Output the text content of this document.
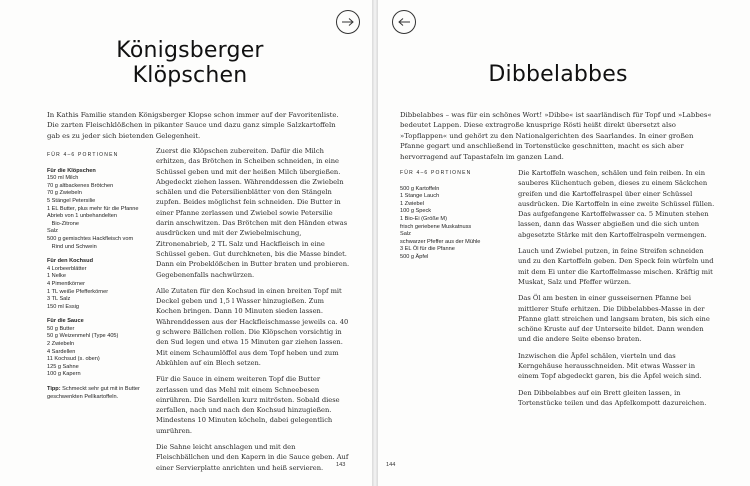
Königsberger
Klöpschen
In Kathis Familie standen Königsberger Klopse schon immer auf der Favoritenliste. Die zarten Fleischklößchen in pikanter Sauce und dazu ganz simple Salzkartoffeln gab es zu jeder sich bietenden Gelegenheit.
FÜR 4–6 PORTIONEN
Für die Klöpschen
150 ml Milch
70 g altbackenes Brötchen
70 g Zwiebeln
5 Stängel Petersilie
1 EL Butter, plus mehr für die Pfanne
Abrieb von 1 unbehandelten
Bio-Zitrone
Salz
500 g gemischtes Hackfleisch vom
Rind und Schwein
Für den Kochsud
4 Lorbeerblätter
1 Nelke
4 Pimentkörner
1 TL weiße Pfefferkörner
3 TL Salz
150 ml Essig
Für die Sauce
50 g Butter
50 g Weizenmehl (Type 405)
2 Zwiebeln
4 Sardellen
11 Kochsud (s. oben)
125 g Sahne
100 g Kapern
Tipp: Schmeckt sehr gut mit in Butter geschwenkten Pellkartoffeln.

Zuerst die Klöpschen zubereiten. Dafür die Milch erhitzen, das Brötchen in Scheiben schneiden, in eine Schüssel geben und mit der heißen Milch übergießen. Abgedeckt ziehen lassen. Währenddessen die Zwiebeln schälen und die Petersilienblätter von den Stängeln zupfen. Beides möglichst fein schneiden. Die Butter in einer Pfanne zerlassen und Zwiebel sowie Petersilie darin anschwitzen. Das Brötchen mit den Händen etwas ausdrücken und mit der Zwiebelmischung, Zitronenabrieb, 2 TL Salz und Hackfleisch in eine Schüssel geben. Gut durchkneten, bis die Masse bindet. Dann ein Probeklößchen in Butter braten und probieren. Gegebenenfalls nachwürzen.

Alle Zutaten für den Kochsud in einen breiten Topf mit Deckel geben und 1,5 l Wasser hinzugießen. Zum Kochen bringen. Dann 10 Minuten sieden lassen. Währenddessen aus der Hackfleischmasse jeweils ca. 40 g schwere Bällchen rollen. Die Klöpschen vorsichtig in den Sud legen und etwa 15 Minuten gar ziehen lassen. Mit einem Schaumlöffel aus dem Topf heben und zum Abkühlen auf ein Blech setzen.

Für die Sauce in einem weiteren Topf die Butter zerlassen und das Mehl mit einem Schneebesen einrühren. Die Sardellen kurz mitrösten. Sobald diese zerfallen, nach und nach den Kochsud hinzugießen. Mindestens 10 Minuten köcheln, dabei gelegentlich umrühren.

Die Sahne leicht anschlagen und mit den Fleischbällchen und den Kapern in die Sauce geben. Auf einer Servierplatte anrichten und heiß servieren.	143
Dibbelabbes
Dibbelabbes – was für ein schönes Wort! »Dibbe« ist saarländisch für Topf und »Labbes« bedeutet Lappen. Diese extragroße knusprige Rösti heißt direkt übersetzt also »Topflappen« und gehört zu den Nationalgerichten des Saarlandes. In einer großen Pfanne gegart und anschließend in Tortenstücke geschnitten, macht es sich aber hervorragend auf Tapastafeln im ganzen Land.
FÜR 4–6 PORTIONEN
500 g Kartoffeln
1 Stange Lauch
1 Zwiebel
100 g Speck
1 Bio-Ei (Größe M)
frisch geriebene Muskatnuss
Salz
schwarzer Pfeffer aus der Mühle
3 EL Öl für die Pfanne
500 g Äpfel

Die Kartoffeln waschen, schälen und fein reiben. In ein sauberes Küchentuch geben, dieses zu einem Säckchen greifen und die Kartoffelraspel über einer Schüssel ausdrücken. Die Kartoffeln in eine zweite Schüssel füllen. Das aufgefangene Kartoffelwasser ca. 5 Minuten stehen lassen, dann das Wasser abgießen und die sich unten abgesetzte Stärke mit den Kartoffelraspeln vermengen.

Lauch und Zwiebel putzen, in feine Streifen schneiden und zu den Kartoffeln geben. Den Speck fein würfeln und mit dem Ei unter die Kartoffelmasse mischen. Kräftig mit Muskat, Salz und Pfeffer würzen.

Das Öl am besten in einer gusseisernen Pfanne bei mittlerer Stufe erhitzen. Die Dibbelabbes-Masse in der Pfanne glatt streichen und langsam braten, bis sich eine schöne Kruste auf der Unterseite bildet. Dann wenden und die andere Seite ebenso braten.

Inzwischen die Äpfel schälen, vierteln und das Kerngehäuse herausschneiden. Mit etwas Wasser in einem Topf abgedeckt garen, bis die Äpfel weich sind.

Den Dibbelabbes auf ein Brett gleiten lassen, in Tortenstücke teilen und das Apfelkompott dazureichen.

144
